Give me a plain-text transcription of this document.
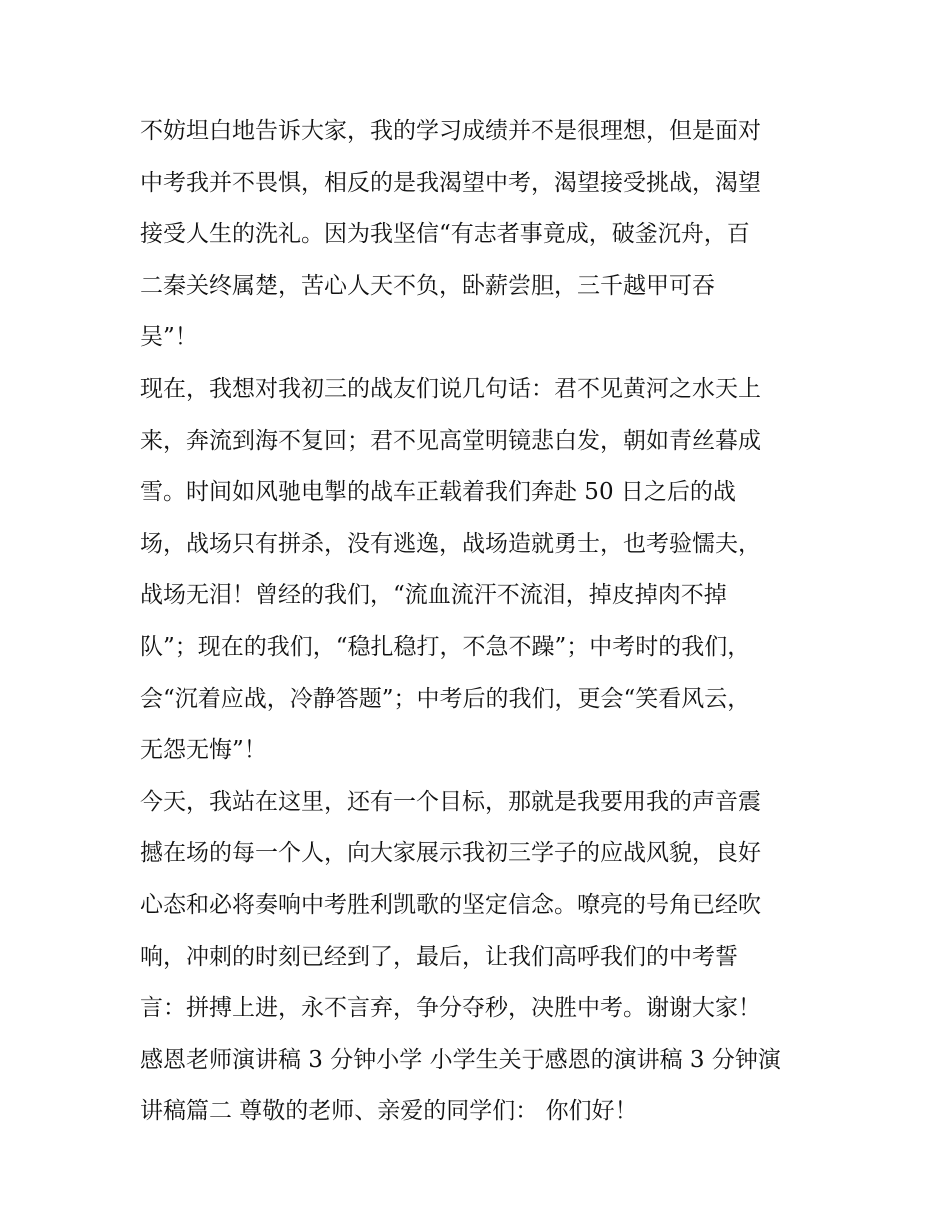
不妨坦白地告诉大家，我的学习成绩并不是很理想，但是面对
中考我并不畏惧，相反的是我渴望中考，渴望接受挑战，渴望
接受人生的洗礼。因为我坚信“有志者事竟成，破釜沉舟，百
二秦关终属楚，苦心人天不负，卧薪尝胆，三千越甲可吞
吴”！
现在，我想对我初三的战友们说几句话：君不见黄河之水天上
来，奔流到海不复回；君不见高堂明镜悲白发，朝如青丝暮成
雪。时间如风驰电掣的战车正载着我们奔赴 50 日之后的战
场，战场只有拼杀，没有逃逸，战场造就勇士，也考验懦夫，
战场无泪！曾经的我们，“流血流汗不流泪，掉皮掉肉不掉
队”；现在的我们，“稳扎稳打，不急不躁”；中考时的我们，
会“沉着应战，冷静答题”；中考后的我们，更会“笑看风云，
无怨无悔”！
今天，我站在这里，还有一个目标，那就是我要用我的声音震
撼在场的每一个人，向大家展示我初三学子的应战风貌，良好
心态和必将奏响中考胜利凯歌的坚定信念。嘹亮的号角已经吹
响，冲刺的时刻已经到了，最后，让我们高呼我们的中考誓
言：拼搏上进，永不言弃，争分夺秒，决胜中考。谢谢大家！
感恩老师演讲稿 3 分钟小学 小学生关于感恩的演讲稿 3 分钟演
讲稿篇二 尊敬的老师、亲爱的同学们： 你们好！
